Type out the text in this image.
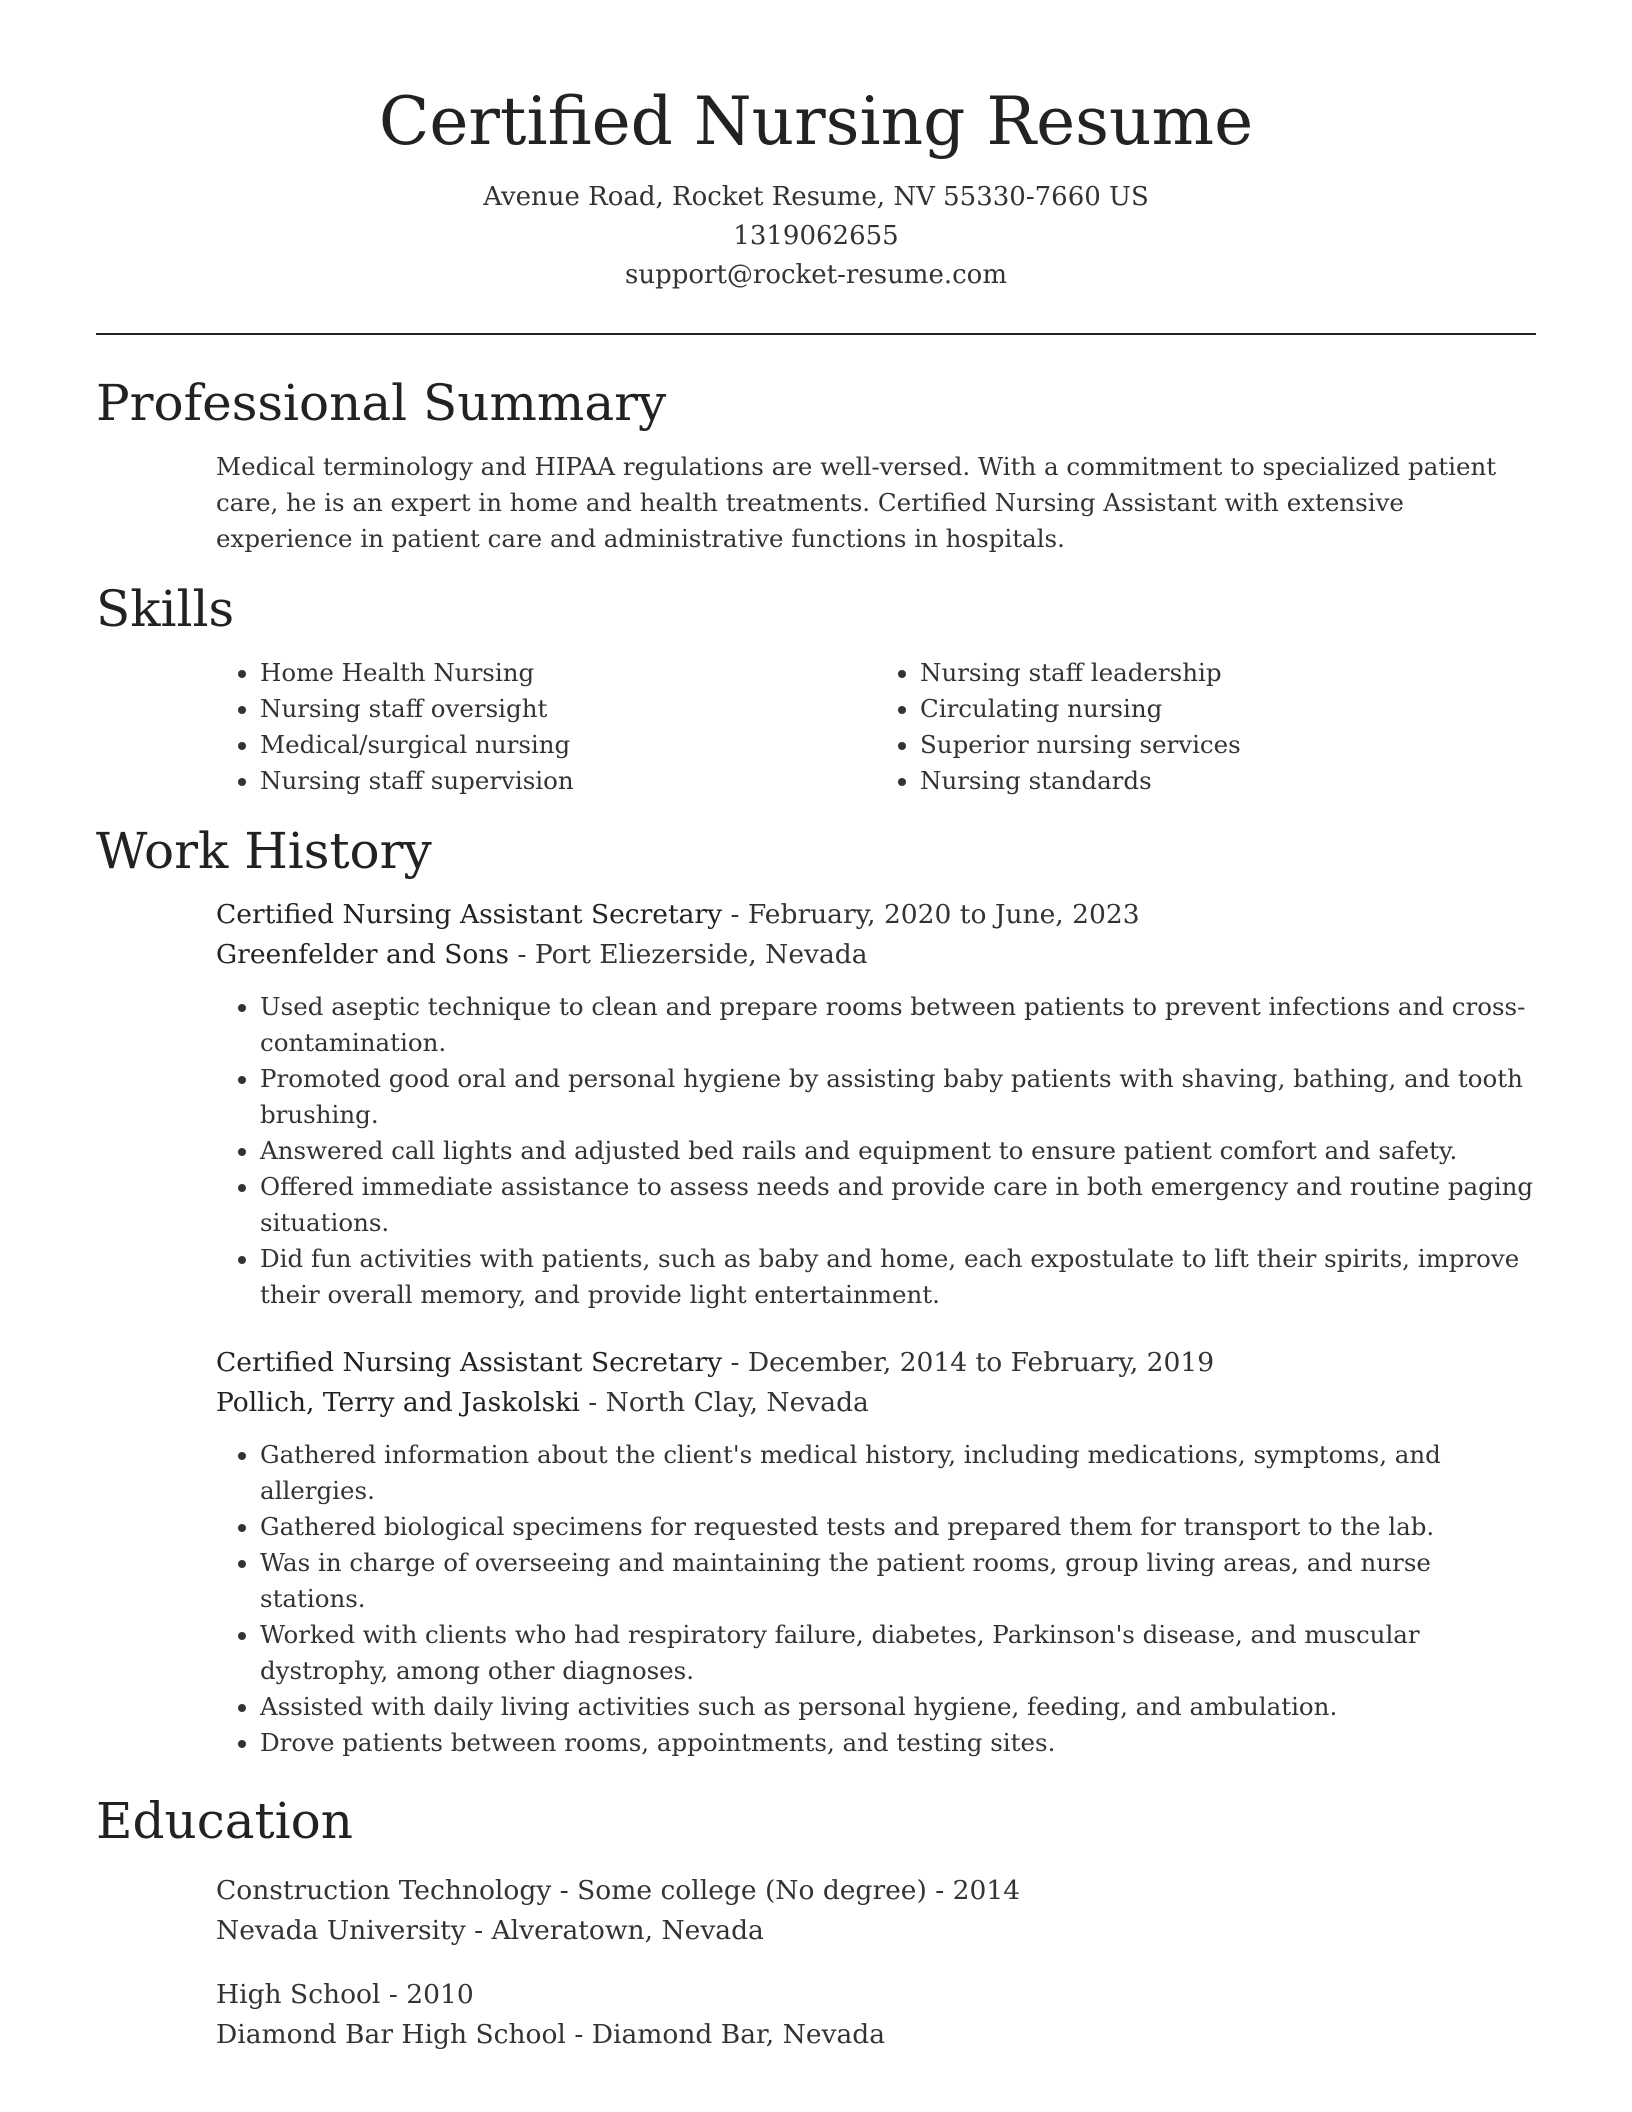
Certified Nursing Resume
Avenue Road, Rocket Resume, NV 55330-7660 US
1319062655
support@rocket-resume.com
Professional Summary

Medical terminology and HIPAA regulations are well-versed. With a commitment to specialized patient care, he is an expert in home and health treatments. Certified Nursing Assistant with extensive experience in patient care and administrative functions in hospitals.

Skills
• Home Health Nursing
• Nursing staff oversight
• Medical/surgical nursing
• Nursing staff supervision
• Nursing staff leadership
• Circulating nursing
• Superior nursing services
• Nursing standards
Work History
Certified Nursing Assistant Secretary - February, 2020 to June, 2023
Greenfelder and Sons - Port Eliezerside, Nevada
• Used aseptic technique to clean and prepare rooms between patients to prevent infections and cross-contamination.
• Promoted good oral and personal hygiene by assisting baby patients with shaving, bathing, and tooth brushing.
• Answered call lights and adjusted bed rails and equipment to ensure patient comfort and safety.
• Offered immediate assistance to assess needs and provide care in both emergency and routine paging situations.
• Did fun activities with patients, such as baby and home, each expostulate to lift their spirits, improve their overall memory, and provide light entertainment.
Certified Nursing Assistant Secretary - December, 2014 to February, 2019
Pollich, Terry and Jaskolski - North Clay, Nevada
• Gathered information about the client's medical history, including medications, symptoms, and allergies.
• Gathered biological specimens for requested tests and prepared them for transport to the lab.
• Was in charge of overseeing and maintaining the patient rooms, group living areas, and nurse stations.
• Worked with clients who had respiratory failure, diabetes, Parkinson's disease, and muscular dystrophy, among other diagnoses.
• Assisted with daily living activities such as personal hygiene, feeding, and ambulation.
• Drove patients between rooms, appointments, and testing sites.
Education
Construction Technology - Some college (No degree) - 2014
Nevada University - Alveratown, Nevada
High School - 2010
Diamond Bar High School - Diamond Bar, Nevada
